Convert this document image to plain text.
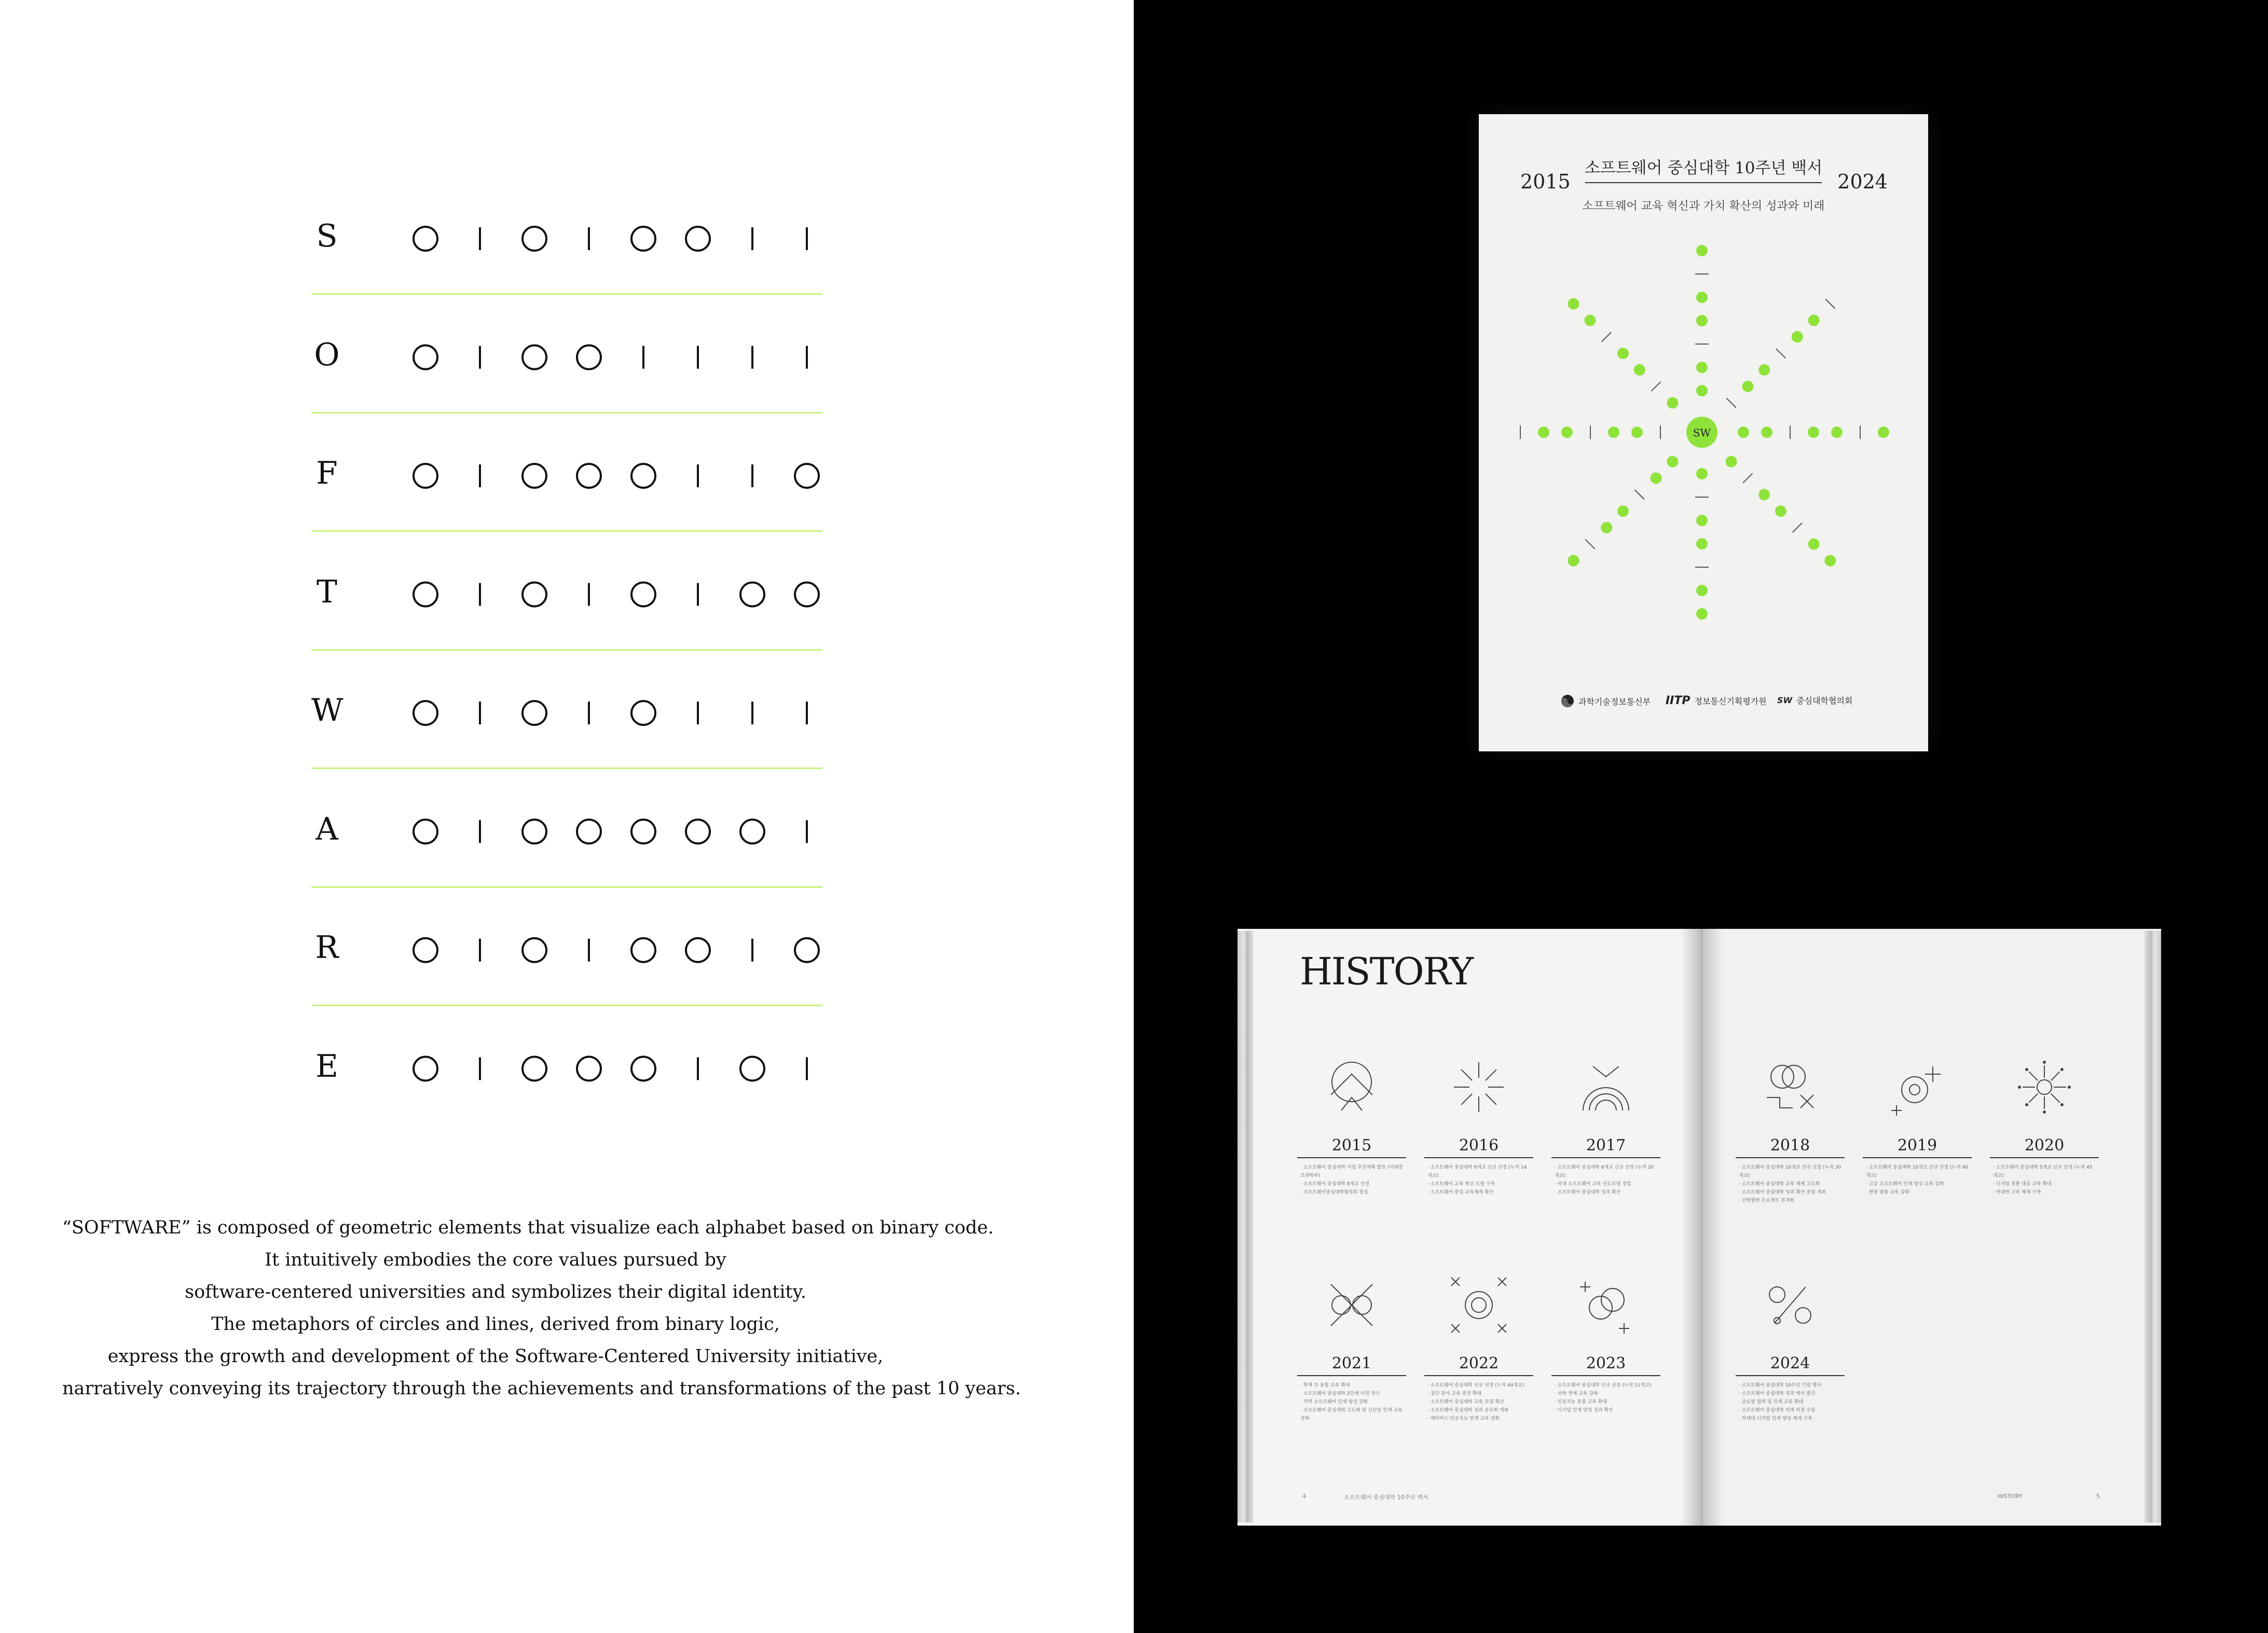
S
O
F
T
W
A
R
E
“SOFTWARE” is composed of geometric elements that visualize each alphabet based on binary code.
It intuitively embodies the core values pursued by
software-centered universities and symbolizes their digital identity.
The metaphors of circles and lines, derived from binary logic,
express the growth and development of the Software-Centered University initiative,
narratively conveying its trajectory through the achievements and transformations of the past 10 years.
소프트웨어 중심대학 10주년 백서
2015	2024
소프트웨어 교육 혁신과 가치 확산의 성과와 미래
SW
과학기술정보통신부 IITP 정보통신기획평가원 SW 중심대학협의회
HISTORY
2015
· 소프트웨어 중심대학 사업 추진계획 발표 (미래창조과학부)
· 소프트웨어 중심대학 8개교 선정
· 소프트웨어중심대학협의회 결성
2016
· 소프트웨어 중심대학 6개교 신규 선정 (누적 14개교)
· 소프트웨어 교육 혁신 모델 구축
· 소프트웨어 중심 교육체계 확산
2017
· 소프트웨어 중심대학 6개교 신규 선정 (누적 20개교)
· 국내 소프트웨어 교육 선도모델 정립
· 소프트웨어 중심대학 성과 확산
2018
· 소프트웨어 중심대학 10개교 신규 선정 (누적 30개교)
· 소프트웨어 중심대학 교육 체계 고도화
· 소프트웨어 중심대학 성과 확산 포럼 개최
· 산학협력 프로젝트 본격화
2019
· 소프트웨어 중심대학 10개교 신규 선정 (누적 40개교)
· 고급 소프트웨어 인재 양성 교육 강화
· 현장 맞춤 교육 강화
2020
· 소프트웨어 중심대학 5개교 신규 선정 (누적 45개교)
· 디지털 전환 대응 교육 확대
· 비대면 교육 체계 구축
2021
· 학제 간 융합 교육 확대
· 소프트웨어 중심대학 2단계 사업 착수
· 지역 소프트웨어 인재 양성 강화
· 소프트웨어 중심대학 고도화 및 신산업 인재 교육 강화
2022
· 소프트웨어 중심대학 신규 선정 (누적 44개교)
· 첨단 분야 교육 과정 확대
· 소프트웨어 중심대학 교육 모델 확산
· 소프트웨어 중심대학 성과 공유회 개최
· 메타버스·인공지능 연계 교육 강화
2023
· 소프트웨어 중심대학 신규 선정 (누적 51개교)
· 산학 연계 교육 강화
· 인공지능 융합 교육 확대
· 디지털 인재 양성 성과 확산
2024
· 소프트웨어 중심대학 10주년 기념 행사
· 소프트웨어 중심대학 성과 백서 발간
· 글로벌 협력 및 국제 교류 확대
· 소프트웨어 중심대학 미래 비전 수립
· 차세대 디지털 인재 양성 체계 구축
4	소프트웨어 중심대학 10주년 백서	HISTORY	5
